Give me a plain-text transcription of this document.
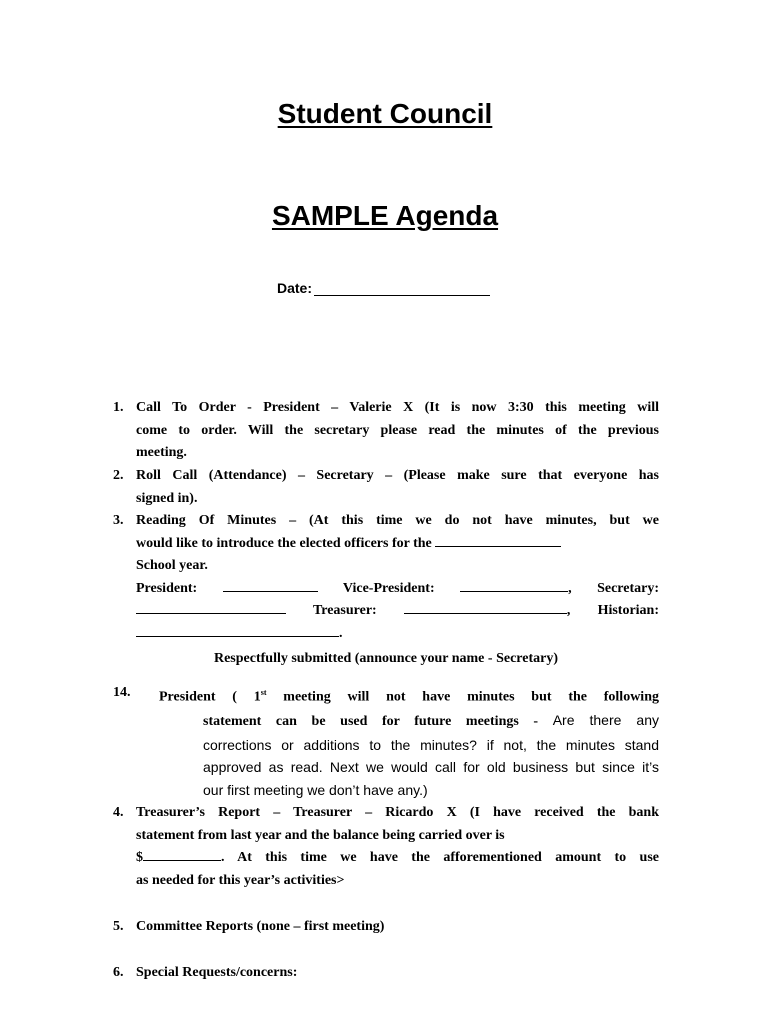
Student Council
SAMPLE Agenda
Date:
1. Call To Order - President – Valerie X (It is now 3:30 this meeting will
come to order. Will the secretary please read the minutes of the previous
meeting.
2. Roll Call (Attendance) – Secretary – (Please make sure that everyone has
signed in).
3. Reading Of Minutes – (At this time we do not have minutes, but we
would like to introduce the elected officers for the
School year.
President:	Vice-President:	, Secretary:
Treasurer:	, Historian:
.
Respectfully submitted (announce your name - Secretary)
14. President ( 1st meeting will not have minutes but the following
statement can be used for future meetings - Are there any
corrections or additions to the minutes? if not, the minutes stand
approved as read. Next we would call for old business but since it’s
our first meeting we don’t have any.)
4. Treasurer’s Report – Treasurer – Ricardo X (I have received the bank
statement from last year and the balance being carried over is
$	. At this time we have the afforementioned amount to use
as needed for this year’s activities>
5. Committee Reports (none – first meeting)
6. Special Requests/concerns:
